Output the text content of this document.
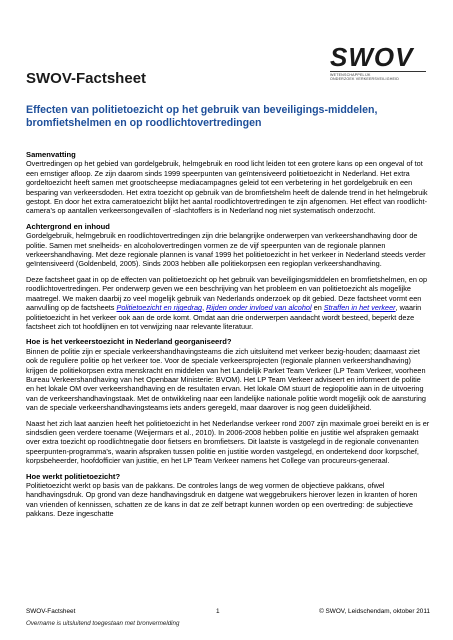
SWOV
WETENSCHAPPELIJK
ONDERZOEK VERKEERSVEILIGHEID
SWOV-Factsheet
Effecten van politietoezicht op het gebruik van beveiligings-middelen, bromfietshelmen en op roodlichtovertredingen
Samenvatting

Overtredingen op het gebied van gordelgebruik, helmgebruik en rood licht leiden tot een grotere kans op een ongeval of tot een ernstiger afloop. Ze zijn daarom sinds 1999 speerpunten van geïntensiveerd politietoezicht in Nederland. Het extra gordeltoezicht heeft samen met grootscheepse mediacampagnes geleid tot een verbetering in het gordelgebruik en een besparing van verkeersdoden. Het extra toezicht op gebruik van de bromfietshelm heeft de dalende trend in het helmgebruik gestopt. En door het extra cameratoezicht blijkt het aantal roodlichtovertredingen te zijn afgenomen. Het effect van roodlicht-camera’s op aantallen verkeersongevallen of -slachtoffers is in Nederland nog niet systematisch onderzocht.

Achtergrond en inhoud

Gordelgebruik, helmgebruik en roodlichtovertredingen zijn drie belangrijke onderwerpen van verkeershandhaving door de politie. Samen met snelheids- en alcoholovertredingen vormen ze de vijf speerpunten van de regionale plannen verkeershandhaving. Met deze regionale plannen is vanaf 1999 het politietoezicht in het verkeer in Nederland steeds verder geïntensiveerd (Goldenbeld, 2005). Sinds 2003 hebben alle politiekorpsen een regioplan verkeershandhaving.

Deze factsheet gaat in op de effecten van politietoezicht op het gebruik van beveiligingsmiddelen en bromfietshelmen, en op roodlichtovertredingen. Per onderwerp geven we een beschrijving van het probleem en van politietoezicht als mogelijke maatregel. We maken daarbij zo veel mogelijk gebruik van Nederlands onderzoek op dit gebied. Deze factsheet vormt een aanvulling op de factsheets Politietoezicht en rijgedrag, Rijden onder invloed van alcohol en Straffen in het verkeer, waarin politietoezicht in het verkeer ook aan de orde komt. Omdat aan drie onderwerpen aandacht wordt besteed, beperkt deze factsheet zich tot hoofdlijnen en tot verwijzing naar relevante literatuur.

Hoe is het verkeerstoezicht in Nederland georganiseerd?

Binnen de politie zijn er speciale verkeershandhavingsteams die zich uitsluitend met verkeer bezig-houden; daarnaast ziet ook de reguliere politie op het verkeer toe. Voor de speciale verkeersprojecten (regionale plannen verkeershandhaving) krijgen de politiekorpsen extra menskracht en middelen van het Landelijk Parket Team Verkeer (LP Team Verkeer, voorheen Bureau Verkeershandhaving van het Openbaar Ministerie: BVOM). Het LP Team Verkeer adviseert en informeert de politie en het lokale OM over verkeershandhaving en de resultaten ervan. Het lokale OM stuurt de regiopolitie aan in de uitvoering van de verkeershandhavingstaak. Met de ontwikkeling naar een landelijke nationale politie wordt mogelijk ook de aansturing van de speciale verkeershandhavingsteams iets anders geregeld, maar daarover is nog geen duidelijkheid.

Naast het zich laat aanzien heeft het politietoezicht in het Nederlandse verkeer rond 2007 zijn maximale groei bereikt en is er sindsdien geen verdere toename (Weijermars et al., 2010). In 2006-2008 hebben politie en justitie wel afspraken gemaakt over extra toezicht op roodlichtnegatie door fietsers en bromfietsers. Dit laatste is vastgelegd in de regionale convenanten speerpunten-programma’s, waarin afspraken tussen politie en justitie worden vastgelegd, en ondertekend door korpschef, korpsbeheerder, hoofdofficier van justitie, en het LP Team Verkeer namens het College van procureurs-generaal.

Hoe werkt politietoezicht?

Politietoezicht werkt op basis van de pakkans. De controles langs de weg vormen de objectieve pakkans, ofwel handhavingsdruk. Op grond van deze handhavingsdruk en datgene wat weggebruikers hierover lezen in kranten of horen van vrienden of kennissen, schatten ze de kans in dat ze zelf betrapt kunnen worden op een overtreding: de subjectieve pakkans. Deze ingeschatte

SWOV-Factsheet	1	© SWOV, Leidschendam, oktober 2011
Overname is uitsluitend toegestaan met bronvermelding
